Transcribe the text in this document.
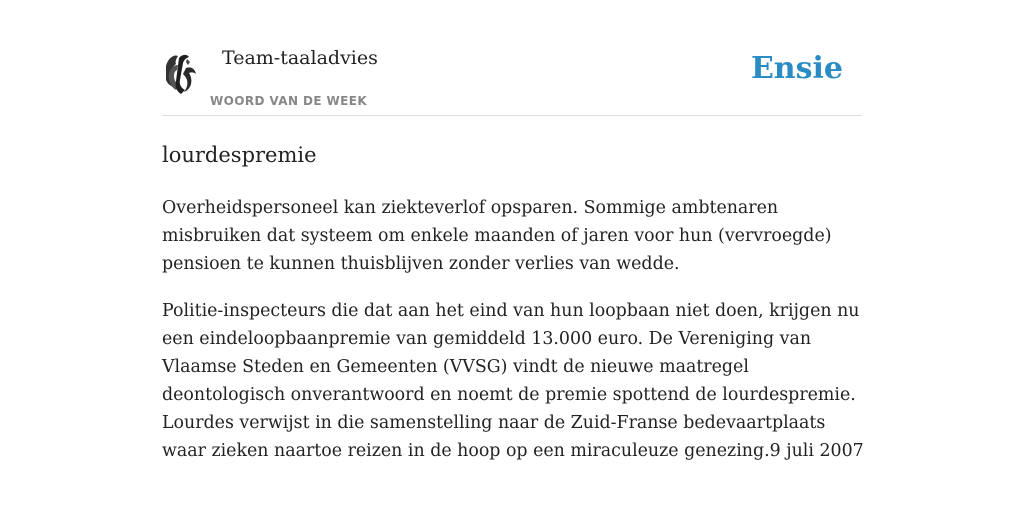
Team-taaladvies
WOORD VAN DE WEEK
Ensie
lourdespremie

Overheidspersoneel kan ziekteverlof opsparen. Sommige ambtenaren misbruiken dat systeem om enkele maanden of jaren voor hun (vervroegde) pensioen te kunnen thuisblijven zonder verlies van wedde.

Politie-inspecteurs die dat aan het eind van hun loopbaan niet doen, krijgen nu een eindeloopbaanpremie van gemiddeld 13.000 euro. De Vereniging van Vlaamse Steden en Gemeenten (VVSG) vindt de nieuwe maatregel deontologisch onverantwoord en noemt de premie spottend de lourdespremie. Lourdes verwijst in die samenstelling naar de Zuid-Franse bedevaartplaats waar zieken naartoe reizen in de hoop op een miraculeuze genezing.9 juli 2007
